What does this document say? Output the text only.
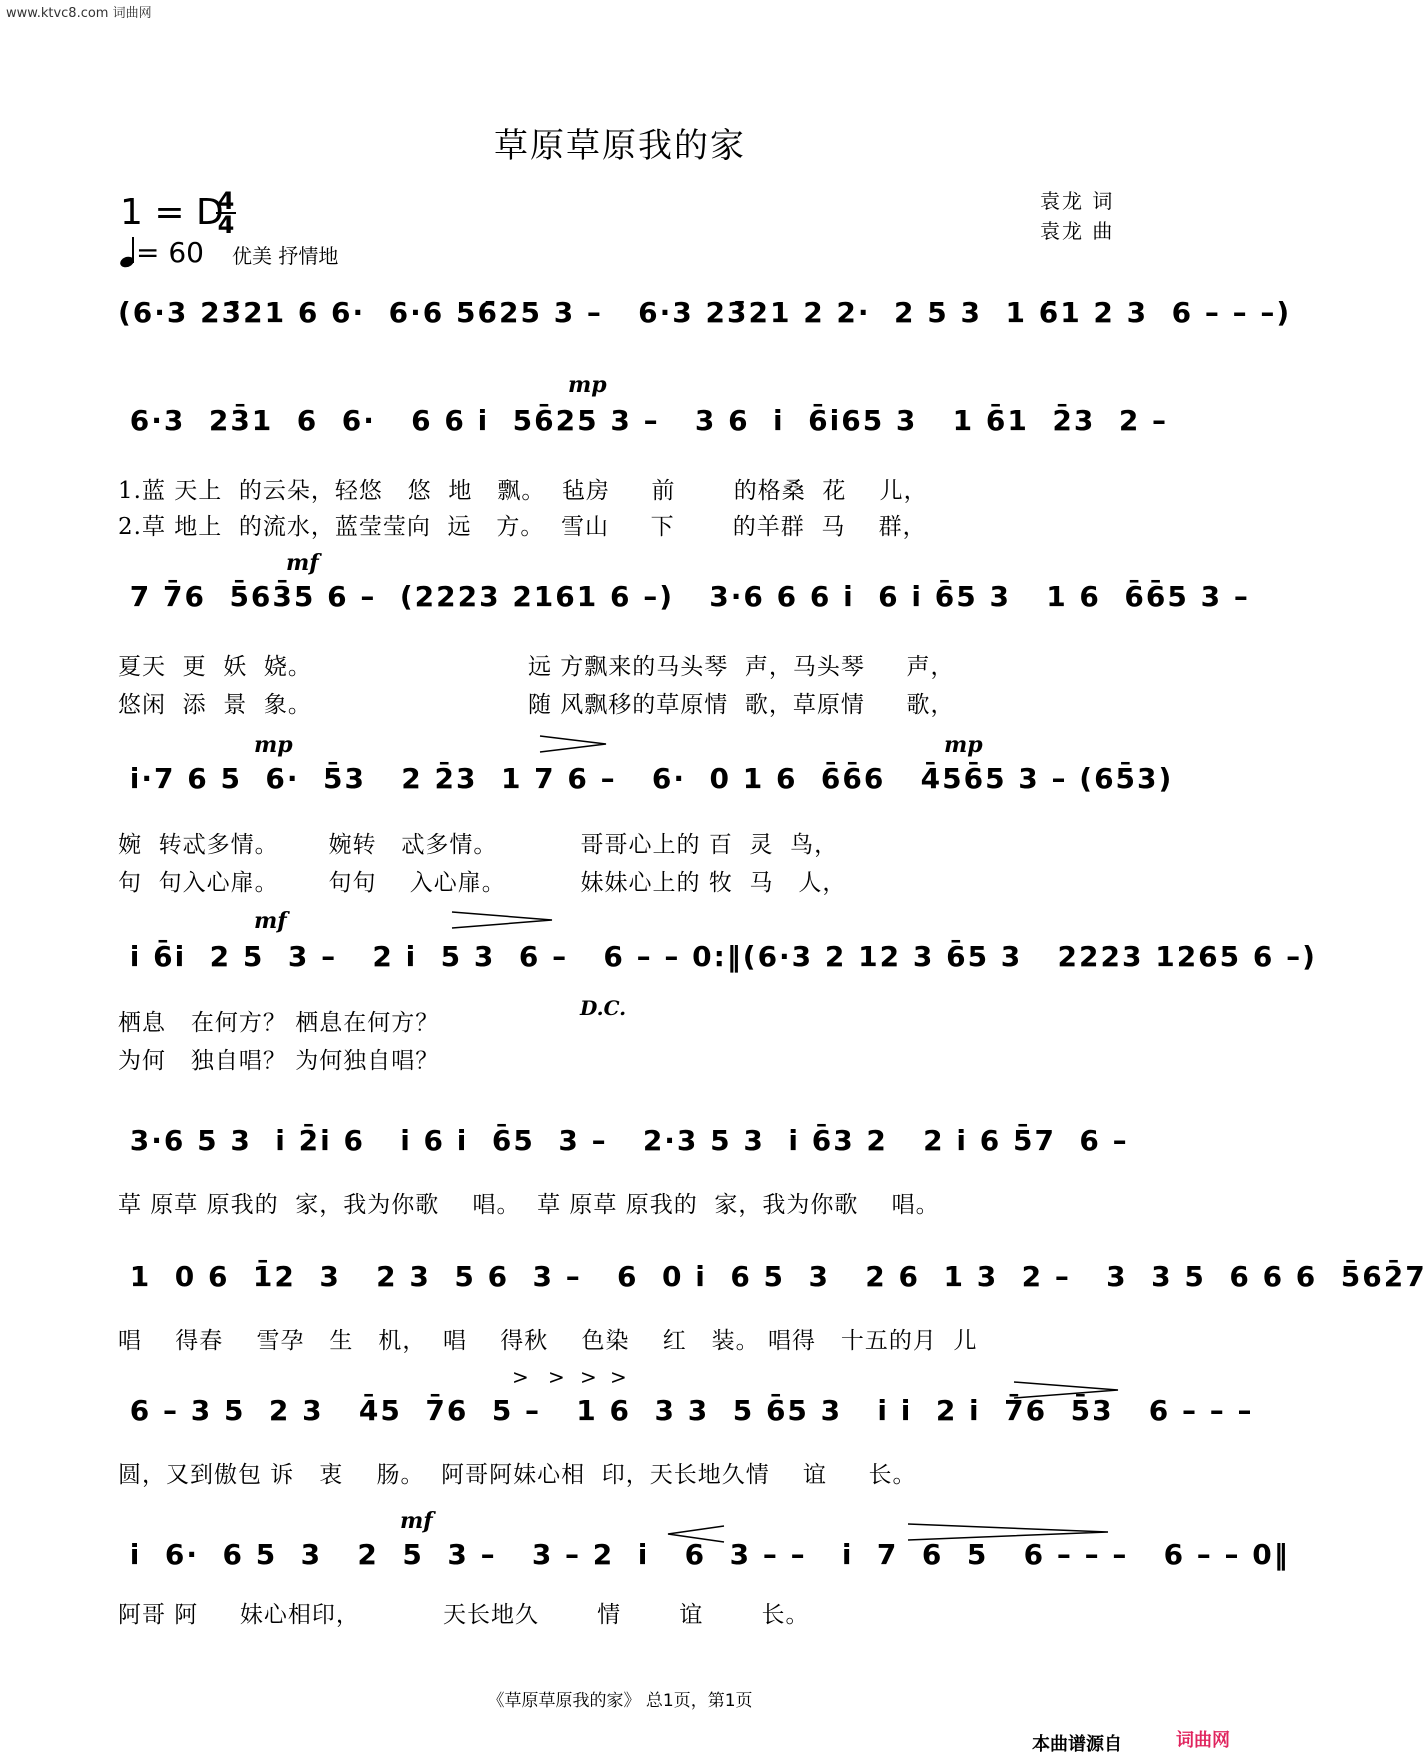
www.ktvc8.com 词曲网
草原草原我的家
1 = D
4
4
= 60 优美 抒情地
袁龙 词
袁龙 曲
(6·3 23̄21 6 6·  6·6 56̄25 3 –   6·3 23̄21 2 2·  2 5 3  1 6̄1 2 3  6 – – –)
mp
6·3  23̄1  6  6·   6 6 i  56̄25 3 –   3 6  i  6̄i65 3   1 6̄1  2̄3  2 –
1.蓝 天上  的云朵，轻悠   悠  地   飘。  毡房     前       的格桑  花    儿，
2.草 地上  的流水，蓝莹莹向  远   方。  雪山     下       的羊群  马    群，
mf
7 7̄6  5̄63̄5 6 –  (2223 2161 6 –)   3·6 6 6 i  6 i 6̄5 3   1 6  6̄6̄5 3 –
夏天  更  妖  娆。                          远 方飘来的马头琴  声，马头琴     声，
悠闲  添  景  象。                          随 风飘移的草原情  歌，草原情     歌，
mp	mp
i·7 6 5  6·  5̄3   2 2̄3  1 7 6 –   6·  0 1 6  6̄6̄6   4̄56̄5 3 – (65̄3)
婉  转忒多情。      婉转   忒多情。          哥哥心上的 百  灵  鸟，
句  句入心扉。      句句    入心扉。         妹妹心上的 牧  马   人，
mf
i 6̄i  2 5  3 –   2 i  5 3  6 –   6 – – 0:‖(6·3 2 12 3 6̄5 3   2223 1265 6 –)
D.C.
栖息   在何方？ 栖息在何方？
为何   独自唱？ 为何独自唱？
3·6 5 3  i 2̄i 6   i 6 i  6̄5  3 –   2·3 5 3  i 6̄3 2   2 i 6 5̄7  6 –
草 原草 原我的  家，我为你歌    唱。  草 原草 原我的  家，我为你歌    唱。
1  0 6  1̄2  3   2 3  5 6  3 –   6  0 i  6 5  3   2 6  1 3  2 –   3  3 5  6 6 6  5̄62̄7
唱    得春    雪孕   生   机，  唱    得秋    色染    红   装。 唱得   十五的月  儿
6 – 3 5  2 3   4̄5  7̄6  5 –   1 6  3 3  5 6̄5 3   i i  2 i  7̄6  5̄3   6 – – –
圆，又到傲包 诉   衷    肠。  阿哥阿妹心相  印，天长地久情    谊     长。
mf
i  6·  6 5  3   2  5  3 –   3 – 2  i   6  3 – –   i  7  6  5   6 – – –   6 – – 0‖
阿哥 阿     妹心相印，          天长地久       情       谊       长。
> > > >
《草原草原我的家》 总1页，第1页
本曲谱源自	词曲网
